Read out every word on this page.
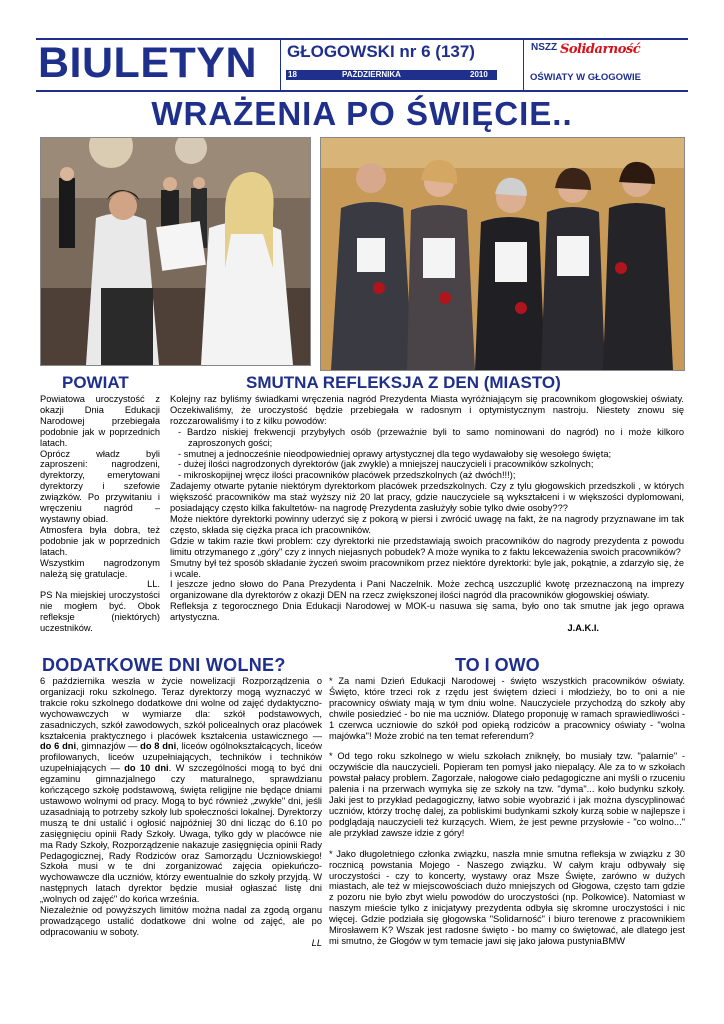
BIULETYN	GŁOGOWSKI nr 6 (137)
18	PAŹDZIERNIKA	2010
NSZZ Solidarność
OŚWIATY W GŁOGOWIE
WRAŻENIA PO ŚWIĘCIE..
POWIAT

Powiatowa uroczystość z okazji Dnia Edukacji Narodowej przebiegała podobnie jak w poprzednich latach.

Oprócz władz byli zaproszeni: nagrodzeni, dyrektorzy, emerytowani dyrektorzy i szefowie związków. Po przywitaniu i wręczeniu nagród – wystawny obiad.

Atmosfera była dobra, też podobnie jak w poprzednich latach.

Wszystkim nagrodzonym należą się gratulacje.

LL.

PS Na miejskiej uroczystości nie mogłem być. Obok refleksje (niektórych) uczestników.

SMUTNA REFLEKSJA Z DEN (MIASTO)

Kolejny raz byliśmy świadkami wręczenia nagród Prezydenta Miasta wyróżniającym się pracownikom głogowskiej oświaty. Oczekiwaliśmy, że uroczystość będzie przebiegała w radosnym i optymistycznym nastroju. Niestety znowu się rozczarowaliśmy i to z kilku powodów:

- Bardzo niskiej frekwencji przybyłych osób (przeważnie byli to samo nominowani do nagród) no i może kilkoro zaproszonych gości;
- smutnej a jednocześnie nieodpowiedniej oprawy artystycznej dla tego wydawałoby się wesołego święta;
- dużej ilości nagrodzonych dyrektorów (jak zwykle) a mniejszej nauczycieli i pracowników szkolnych;
- mikroskopijnej wręcz ilości pracowników placówek przedszkolnych (aż dwóch!!!);

Zadajemy otwarte pytanie niektórym dyrektorkom placówek przedszkolnych. Czy z tylu głogowskich przedszkoli , w których większość pracowników ma staż wyższy niż 20 lat pracy, gdzie nauczyciele są wykształceni i w większości dyplomowani, posiadający często kilka fakultetów- na nagrodę Prezydenta zasłużyły sobie tylko dwie osoby???

Może niektóre dyrektorki powinny uderzyć się z pokorą w piersi i zwrócić uwagę na fakt, że na nagrody przyznawane im tak często, składa się ciężka praca ich pracowników.

Gdzie w takim razie tkwi problem: czy dyrektorki nie przedstawiają swoich pracowników do nagrody prezydenta z powodu limitu otrzymanego z „góry" czy z innych niejasnych pobudek? A może wynika to z faktu lekceważenia swoich pracowników?

Smutny był też sposób składanie życzeń swoim pracownikom przez niektóre dyrektorki: byle jak, pokątnie, a zdarzyło się, że i wcale.

I jeszcze jedno słowo do Pana Prezydenta i Pani Naczelnik. Może zechcą uszczuplić kwotę przeznaczoną na imprezy organizowane dla dyrektorów z okazji DEN na rzecz zwiększonej ilości nagród dla pracowników głogowskiej oświaty.

Refleksja z tegorocznego Dnia Edukacji Narodowej w MOK-u nasuwa się sama, było ono tak smutne jak jego oprawa artystyczna.

J.A.K.I.

DODATKOWE DNI WOLNE?

6 października weszła w życie nowelizacji Rozporządzenia o organizacji roku szkolnego. Teraz dyrektorzy mogą wyznaczyć w trakcie roku szkolnego dodatkowe dni wolne od zajęć dydaktyczno-wychowawczych w wymiarze dla: szkół podstawowych, zasadniczych, szkół zawodowych, szkół policealnych oraz placówek kształcenia praktycznego i placówek kształcenia ustawicznego — do 6 dni, gimnazjów — do 8 dni, liceów ogólnokształcących, liceów profilowanych, liceów uzupełniających, techników i techników uzupełniających — do 10 dni. W szczególności mogą to być dni egzaminu gimnazjalnego czy maturalnego, sprawdzianu kończącego szkołę podstawową, święta religijne nie będące dniami ustawowo wolnymi od pracy. Mogą to być również „zwykłe" dni, jeśli uzasadniają to potrzeby szkoły lub społeczności lokalnej. Dyrektorzy muszą te dni ustalić i ogłosić najpóźniej 30 dni licząc do 6.10 po zasięgnięciu opinii Rady Szkoły. Uwaga, tylko gdy w placówce nie ma Rady Szkoły, Rozporządzenie nakazuje zasięgnięcia opinii Rady Pedagogicznej, Rady Rodziców oraz Samorządu Uczniowskiego! Szkoła musi w te dni zorganizować zajęcia opiekuńczo-wychowawcze dla uczniów, którzy ewentualnie do szkoły przyjdą. W następnych latach dyrektor będzie musiał ogłaszać listę dni „wolnych od zajęć" do końca września.

Niezależnie od powyższych limitów można nadal za zgodą organu prowadzącego ustalić dodatkowe dni wolne od zajęć, ale po odpracowaniu w soboty.

LL

TO I OWO

* Za nami Dzień Edukacji Narodowej - święto wszystkich pracowników oświaty. Święto, które trzeci rok z rzędu jest świętem dzieci i młodzieży, bo to oni a nie pracownicy oświaty mają w tym dniu wolne. Nauczyciele przychodzą do szkoły aby chwile posiedzieć - bo nie ma uczniów. Dlatego proponuję w ramach sprawiedliwości - 1 czerwca uczniowie do szkół pod opieką rodziców a pracownicy oświaty - "wolna majówka"! Może zrobić na ten temat referendum?

* Od tego roku szkolnego w wielu szkołach zniknęły, bo musiały tzw. "palarnie" - oczywiście dla nauczycieli. Popieram ten pomysł jako niepalący. Ale za to w szkołach powstał pałacy problem. Zagorzałe, nałogowe ciało pedagogiczne ani myśli o rzuceniu palenia i na przerwach wymyka się ze szkoły na tzw. "dyma"... koło budynku szkoły. Jaki jest to przykład pedagogiczny, łatwo sobie wyobrazić i jak można dyscyplinować uczniów, którzy trochę dalej, za pobliskimi budynkami szkoły kurzą sobie w najlepsze i podglądają nauczycieli też kurzących. Wiem, że jest pewne przysłowie - "co wolno..." ale przykład zawsze idzie z góry!

* Jako długoletniego członka związku, naszła mnie smutna refleksja w związku z 30 rocznicą powstania Mojego - Naszego związku. W całym kraju odbywały się uroczystości - czy to koncerty, wystawy oraz Msze Święte, zarówno w dużych miastach, ale też w miejscowościach dużo mniejszych od Głogowa, często tam gdzie z pozoru nie było zbyt wielu powodów do uroczystości (np. Polkowice). Natomiast w naszym mieście tylko z inicjatywy prezydenta odbyła się skromne uroczystości i nic więcej. Gdzie podziała się głogowska "Solidarność" i biuro terenowe z pracownikiem Mirosławem K? Wszak jest radosne święto - bo mamy co świętować, ale dlatego jest mi smutno, że Głogów w tym temacie jawi się jako jałowa pustynia.

BMW
